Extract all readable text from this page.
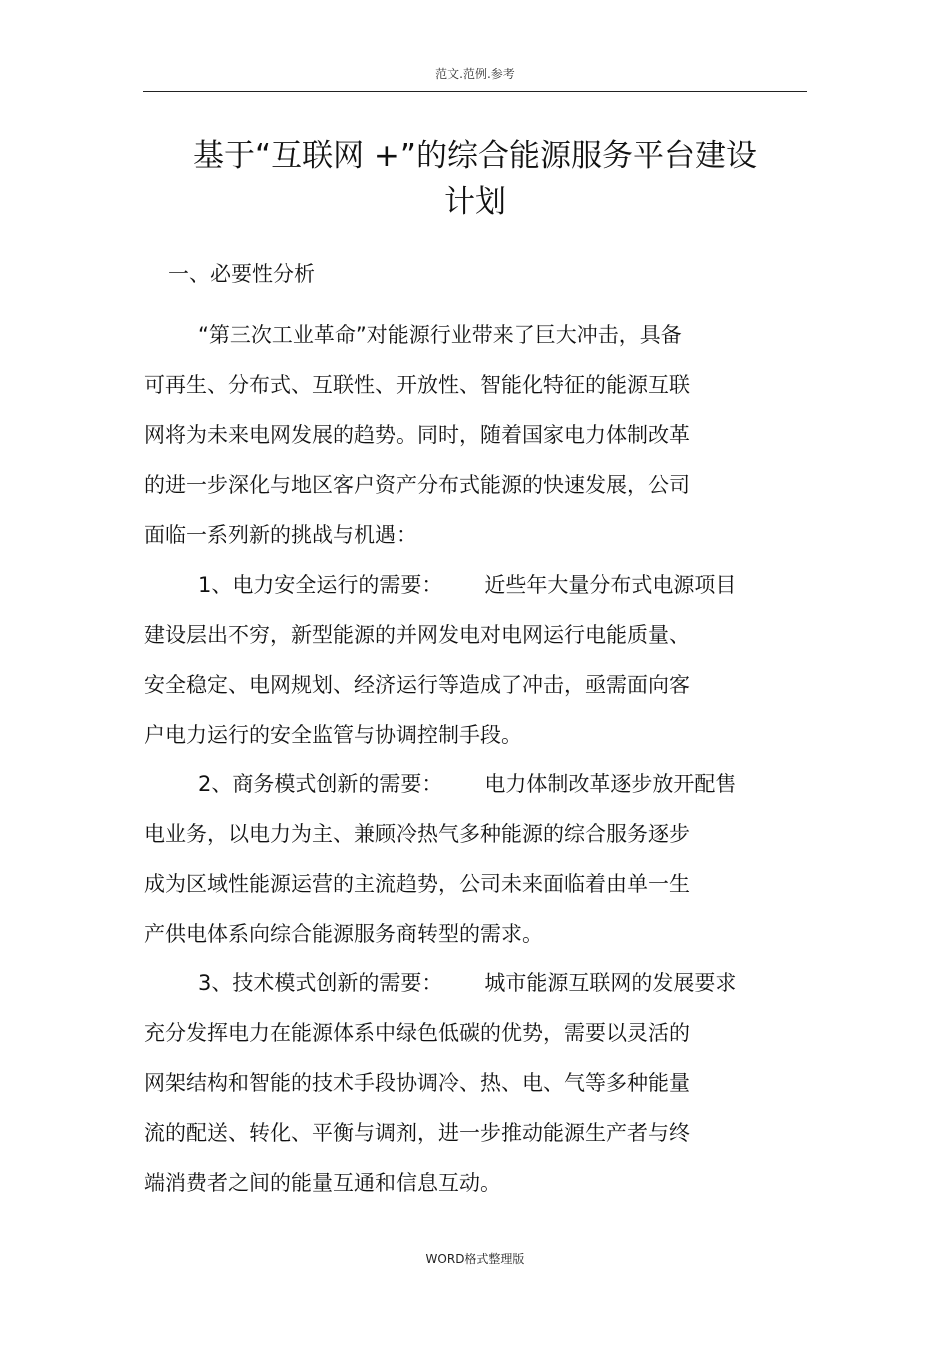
范文.范例.参考
基于“互联网 +”的综合能源服务平台建设
计划
一、必要性分析
“第三次工业革命”对能源行业带来了巨大冲击，具备
可再生、分布式、互联性、开放性、智能化特征的能源互联
网将为未来电网发展的趋势。同时，随着国家电力体制改革
的进一步深化与地区客户资产分布式能源的快速发展，公司
面临一系列新的挑战与机遇：
1、电力安全运行的需要： 近些年大量分布式电源项目
建设层出不穷，新型能源的并网发电对电网运行电能质量、
安全稳定、电网规划、经济运行等造成了冲击，亟需面向客
户电力运行的安全监管与协调控制手段。
2、商务模式创新的需要： 电力体制改革逐步放开配售
电业务，以电力为主、兼顾冷热气多种能源的综合服务逐步
成为区域性能源运营的主流趋势，公司未来面临着由单一生
产供电体系向综合能源服务商转型的需求。
3、技术模式创新的需要： 城市能源互联网的发展要求
充分发挥电力在能源体系中绿色低碳的优势，需要以灵活的
网架结构和智能的技术手段协调冷、热、电、气等多种能量
流的配送、转化、平衡与调剂，进一步推动能源生产者与终
端消费者之间的能量互通和信息互动。
WORD格式整理版
